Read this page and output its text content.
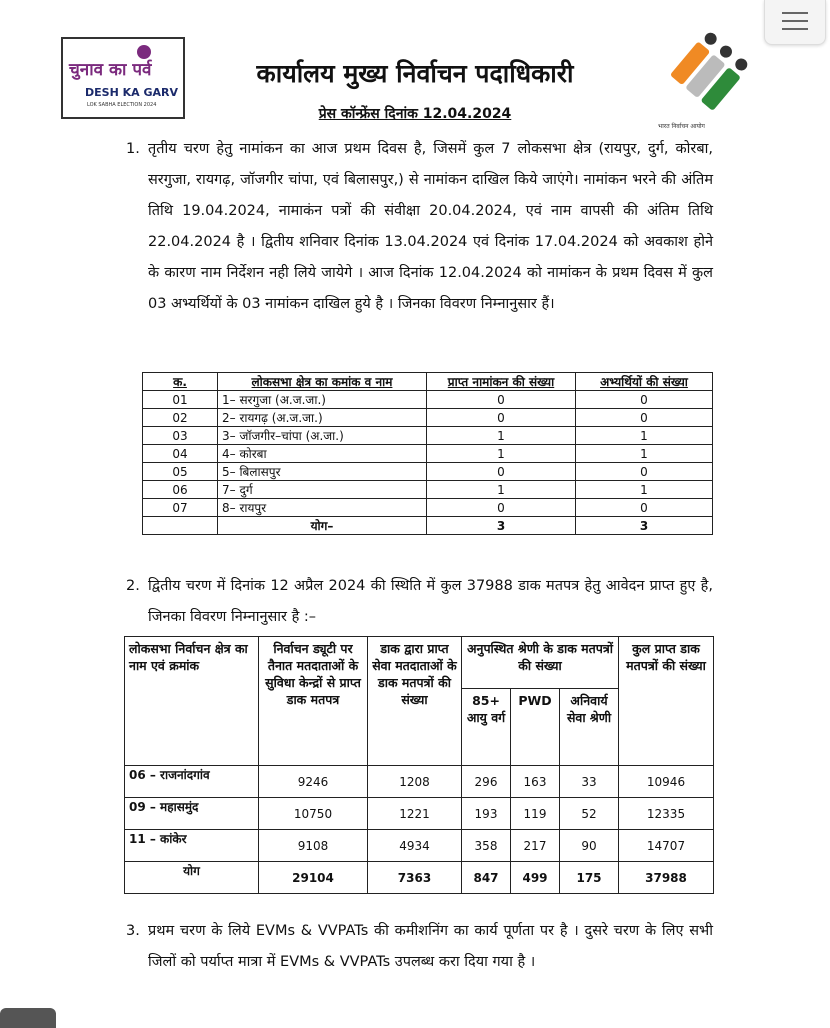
चुनाव का पर्व
DESH KA GARV
LOK SABHA ELECTION 2024
कार्यालय मुख्य निर्वाचन पदाधिकारी
प्रेस कॉन्फ्रेंस दिनांक 12.04.2024
भारत निर्वाचन आयोग
1. तृतीय चरण हेतु नामांकन का आज प्रथम दिवस है, जिसमें कुल 7 लोकसभा क्षेत्र (रायपुर, दुर्ग, कोरबा, सरगुजा, रायगढ़, जॉजगीर चांपा, एवं बिलासपुर,) से नामांकन दाखिल किये जाएंगे। नामांकन भरने की अंतिम तिथि 19.04.2024, नामाकंन पत्रों की संवीक्षा 20.04.2024, एवं नाम वापसी की अंतिम तिथि 22.04.2024 है । द्वितीय शनिवार दिनांक 13.04.2024 एवं दिनांक 17.04.2024 को अवकाश होने के कारण नाम निर्देशन नही लिये जायेगे । आज दिनांक 12.04.2024 को नामांकन के प्रथम दिवस में कुल 03 अभ्यर्थियों के 03 नामांकन दाखिल हुये है । जिनका विवरण निम्नानुसार हैं।
क.	लोकसभा क्षेत्र का कमांक व नाम	प्राप्त नामांकन की संख्या	अभ्यर्थियों की संख्या
01	1– सरगुजा (अ.ज.जा.)	0	0
02	2– रायगढ़ (अ.ज.जा.)	0	0
03	3– जॉजगीर–चांपा (अ.जा.)	1	1
04	4– कोरबा	1	1
05	5– बिलासपुर	0	0
06	7– दुर्ग	1	1
07	8– रायपुर	0	0
	योग–	3	3
2. द्वितीय चरण में दिनांक 12 अप्रैल 2024 की स्थिति में कुल 37988 डाक मतपत्र हेतु आवेदन प्राप्त हुए है, जिनका विवरण निम्नानुसार है :–
लोकसभा निर्वाचन क्षेत्र का नाम एवं क्रमांक	निर्वाचन ड्यूटी पर तैनात मतदाताओं के सुविधा केन्द्रों से प्राप्त डाक मतपत्र	डाक द्वारा प्राप्त सेवा मतदाताओं के डाक मतपत्रों की संख्या	अनुपस्थित श्रेणी के डाक मतपत्रों की संख्या			कुल प्राप्त डाक मतपत्रों की संख्या
			85+ आयु वर्ग	PWD	अनिवार्य सेवा श्रेणी	
06 – राजनांदगांव	9246	1208	296	163	33	10946
09 – महासमुंद	10750	1221	193	119	52	12335
11 – कांकेर	9108	4934	358	217	90	14707
योग	29104	7363	847	499	175	37988
3. प्रथम चरण के लिये EVMs & VVPATs की कमीशनिंग का कार्य पूर्णता पर है । दुसरे चरण के लिए सभी जिलों को पर्याप्त मात्रा में EVMs & VVPATs उपलब्ध करा दिया गया है ।
